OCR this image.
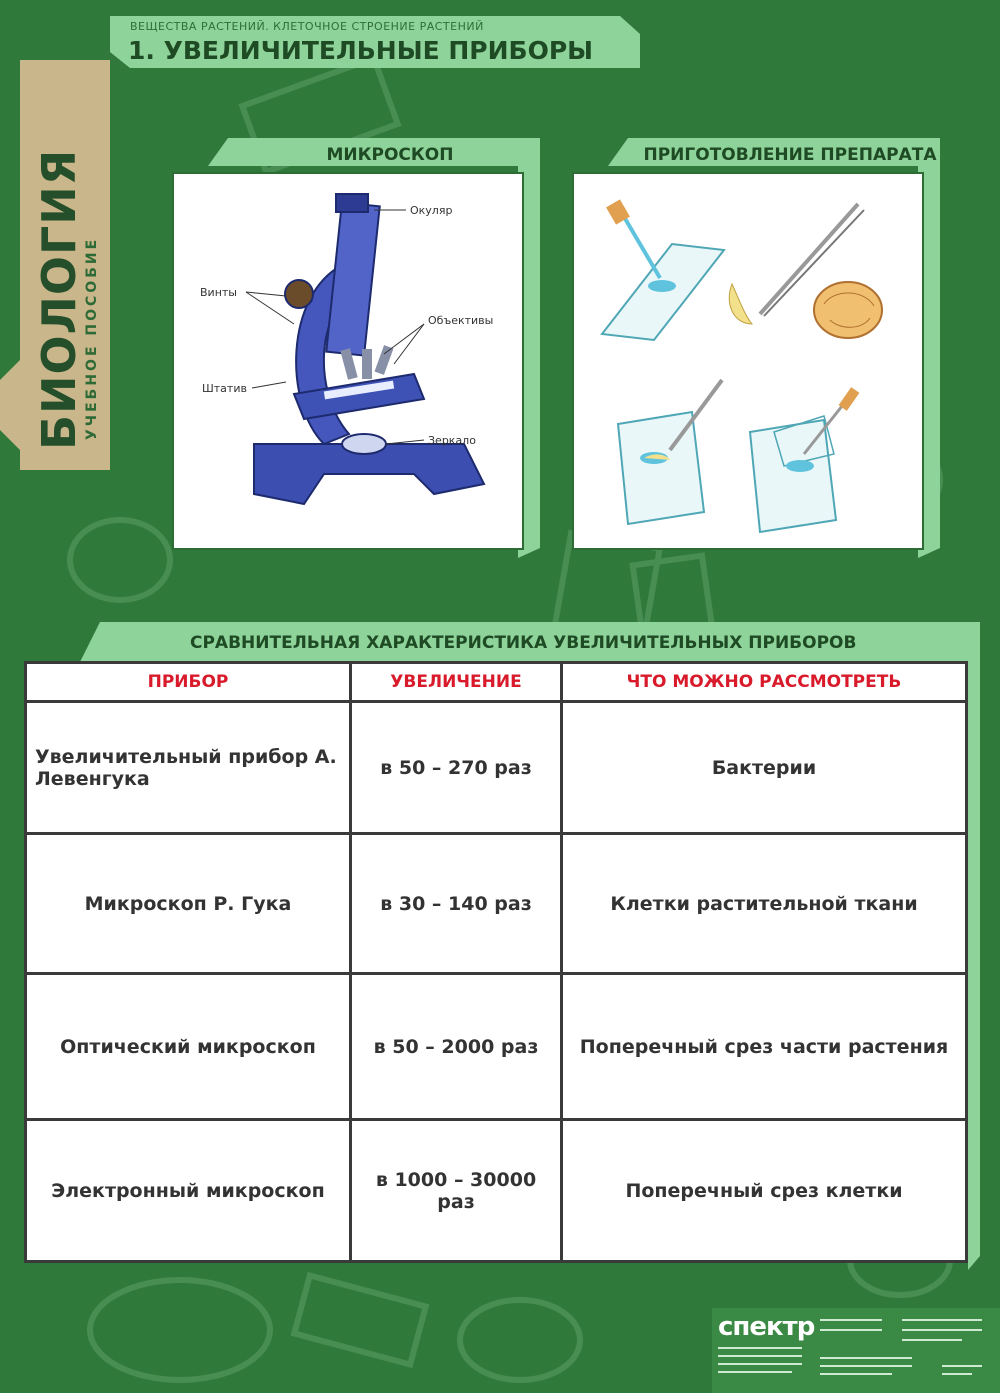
ВЕЩЕСТВА РАСТЕНИЙ. КЛЕТОЧНОЕ СТРОЕНИЕ РАСТЕНИЙ
1. УВЕЛИЧИТЕЛЬНЫЕ ПРИБОРЫ
БИОЛОГИЯ
УЧЕБНОЕ ПОСОБИЕ
МИКРОСКОП
Окуляр
Винты
Объективы
Штатив
Зеркало
ПРИГОТОВЛЕНИЕ ПРЕПАРАТА
СРАВНИТЕЛЬНАЯ ХАРАКТЕРИСТИКА УВЕЛИЧИТЕЛЬНЫХ ПРИБОРОВ
ПРИБОР	УВЕЛИЧЕНИЕ	ЧТО МОЖНО РАССМОТРЕТЬ
Увеличительный прибор А. Левенгука	в 50 – 270 раз	Бактерии
Микроскоп Р. Гука	в 30 – 140 раз	Клетки растительной ткани
Оптический микроскоп	в 50 – 2000 раз	Поперечный срез части растения
Электронный микроскоп	в 1000 – 30000 раз	Поперечный срез клетки
спектр
